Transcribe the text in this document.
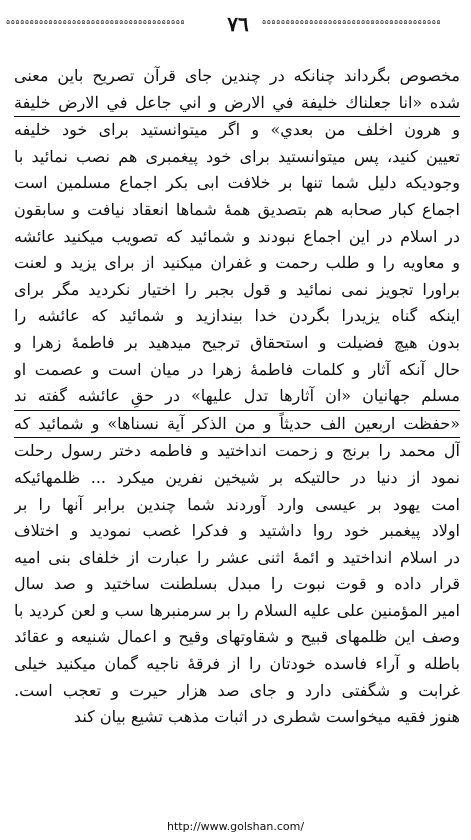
ɷɷɷɷɷɷɷɷɷɷɷɷɷɷɷɷɷɷɷɷɷɷɷɷɷɷɷɷɷɷɷɷɷɷɷɷɷɷ	٧٦	ɷɷɷɷɷɷɷɷɷɷɷɷɷɷɷɷɷɷɷɷɷɷɷɷɷɷɷɷɷɷɷɷɷɷɷɷɷɷ
مخصوص بگرداند چنانکه در چندین جای قرآن تصریح باین معنی
شده «انا جعلناك خليفة في الارض و اني جاعل في الارض خليفة
و هرون اخلف من بعدي» و اگر میتوانستید برای خود خلیفه
تعیین کنید، پس میتوانستید برای خود پیغمبری هم نصب نمائید با
وجودیکه دلیل شما تنها بر خلافت ابی بکر اجماع مسلمین است
اجماع کبار صحابه هم بتصدیق همهٔ شماها انعقاد نیافت و سابقون
در اسلام در این اجماع نبودند و شمائید که تصویب میکنید عائشه
و معاویه را و طلب رحمت و غفران میکنید از برای یزید و لعنت
براورا تجویز نمی نمائید و قول بجبر را اختیار نکردید مگر برای
اینکه گناه یزیدرا بگردن خدا بیندازید و شمائید که عائشه را
بدون هیچ فضیلت و استحقاق ترجیح میدهید بر فاطمهٔ زهرا و
حال آنکه آثار و کلمات فاطمهٔ زهرا در میان است و عصمت او
مسلم جهانیان «ان آثارها تدل عليها» در حقِ عائشه گفته ند
«حفظت اربعين الف حديثاً و من الذكر آية نسناها» و شمائید که
آل محمد را برنج و زحمت انداختید و فاطمه دختر رسول رحلت
نمود از دنیا در حالتیکه بر شیخین نفرین میکرد ... ظلمهائیکه
امت یهود بر عیسی وارد آوردند شما چندین برابر آنها را بر
اولاد پیغمبر خود روا داشتید و فدکرا غصب نمودید و اختلاف
در اسلام انداختید و ائمهٔ اثنی عشر را عبارت از خلفای بنی امیه
قرار داده و قوت نبوت را مبدل بسلطنت ساختید و صد سال
امير المؤمنين علی عليه السلام را بر سرمنبرها سب و لعن کردید با
وصف این ظلمهای قبیح و شقاوتهای وقیح و اعمال شنیعه و عقائد
باطله و آراء فاسده خودتان را از فرقهٔ ناجیه گمان میکنید خیلی
غرابت و شگفتی دارد و جای صد هزار حیرت و تعجب است.
هنوز فقیه میخواست شطری در اثبات مذهب تشیع بیان کند
http://www.golshan.com/
